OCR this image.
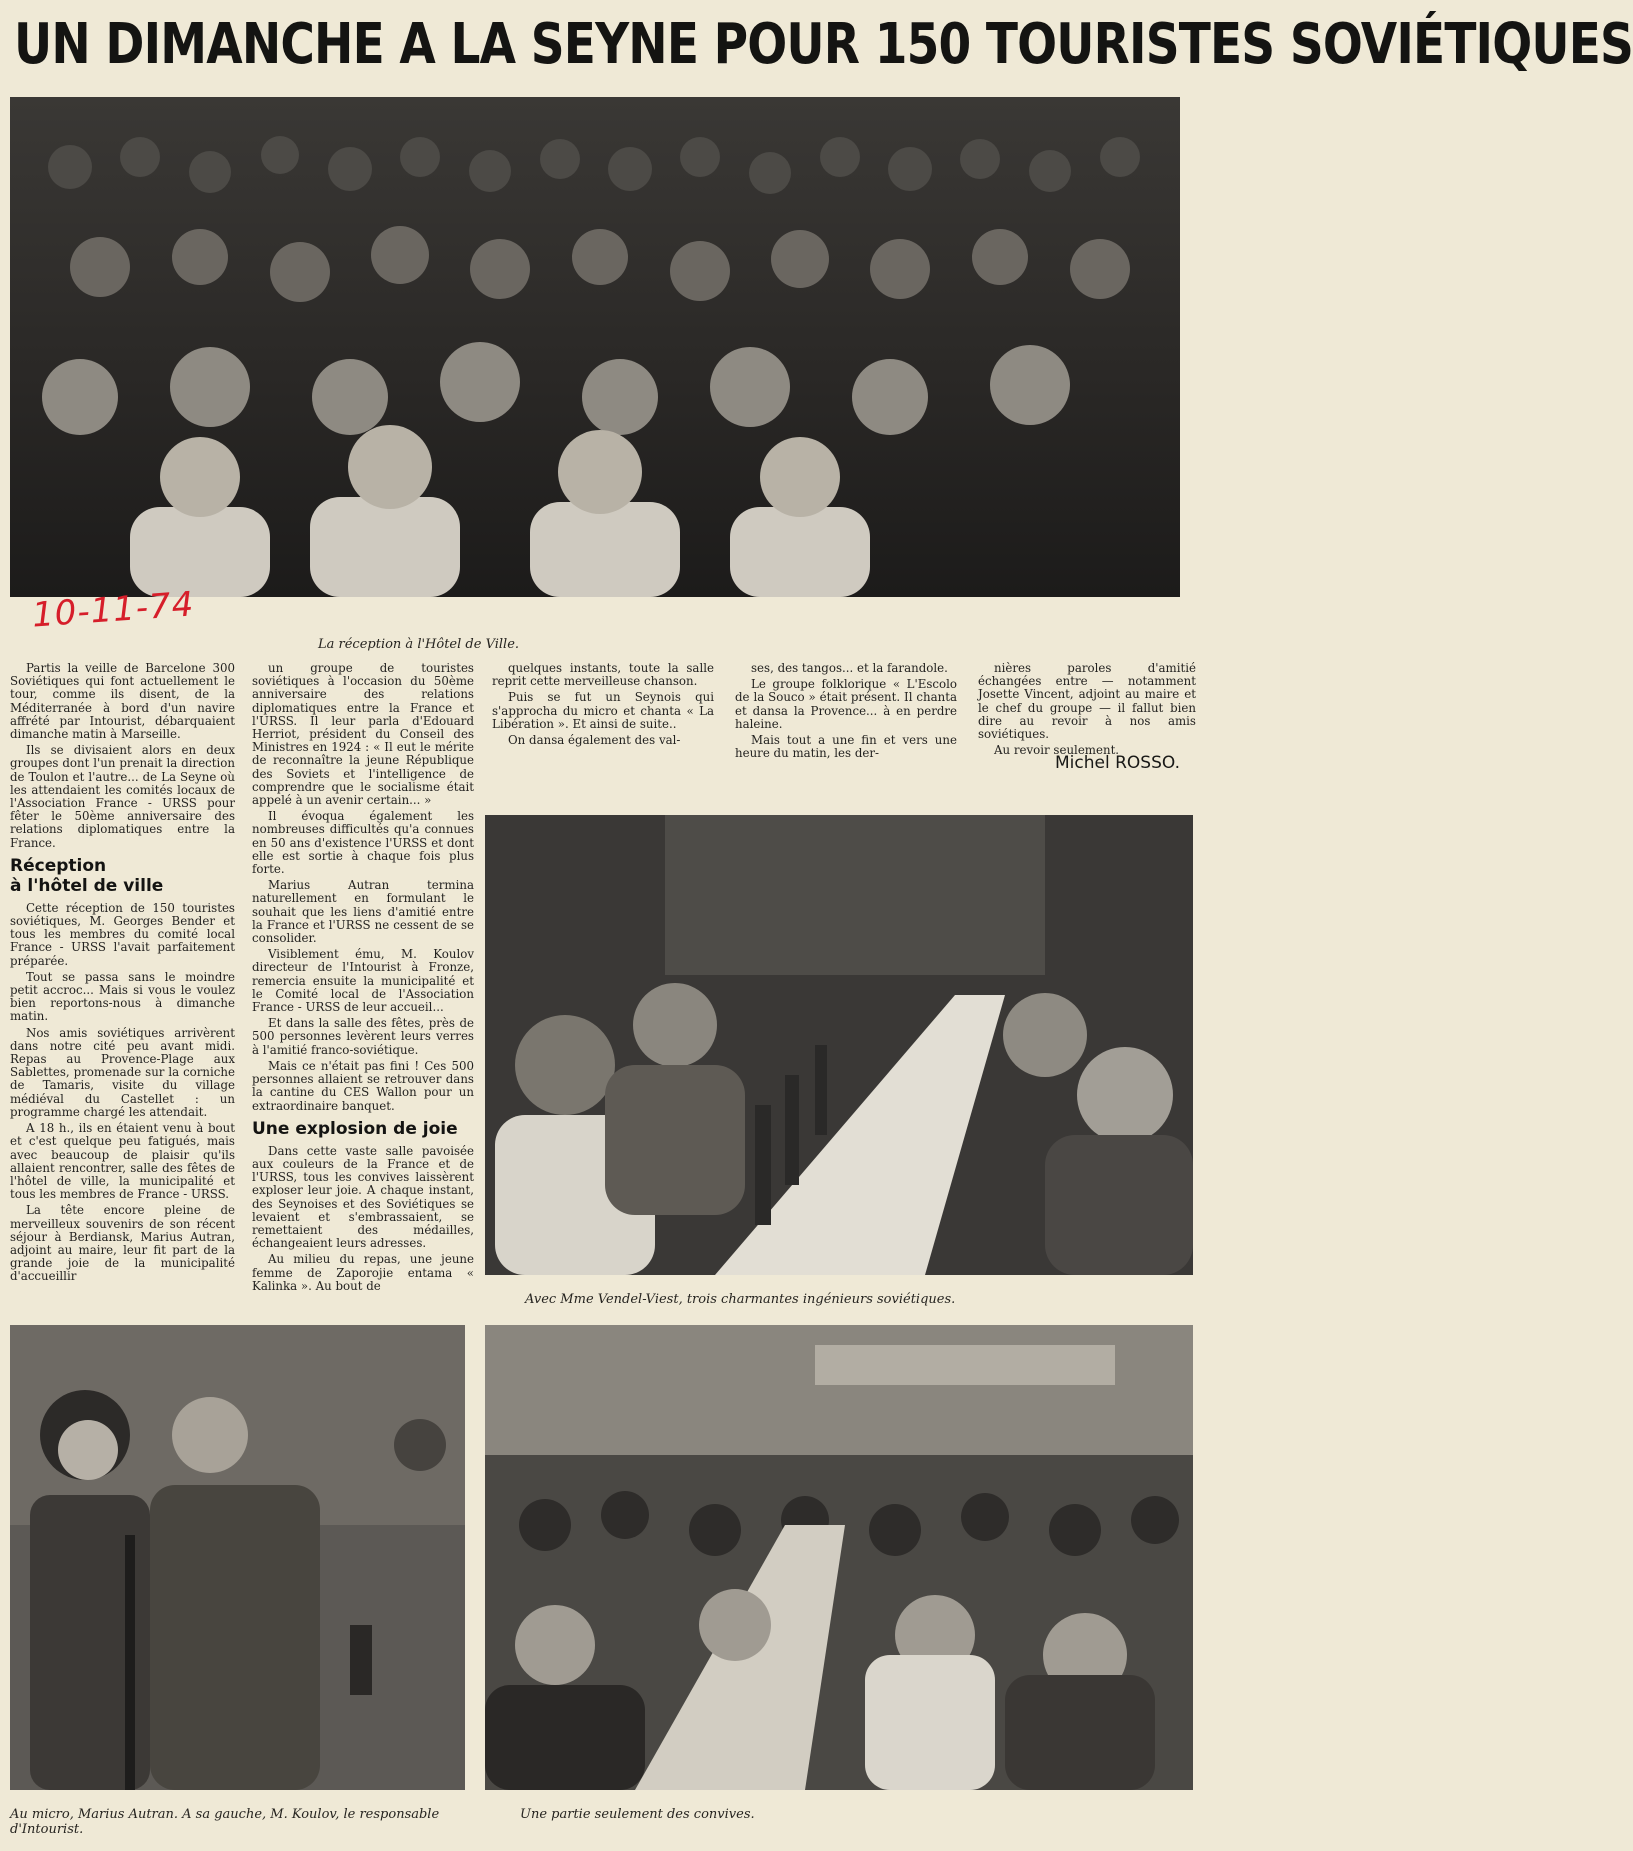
UN DIMANCHE A LA SEYNE POUR 150 TOURISTES SOVIÉTIQUES
10-11-74
La réception à l'Hôtel de Ville.

Partis la veille de Barcelone 300 Soviétiques qui font actuellement le tour, comme ils disent, de la Méditerranée à bord d'un navire affrété par Intourist, débarquaient dimanche matin à Marseille.

Ils se divisaient alors en deux groupes dont l'un prenait la direction de Toulon et l'autre... de La Seyne où les attendaient les comités locaux de l'Association France - URSS pour fêter le 50ème anniversaire des relations diplomatiques entre la France.

Réception
à l'hôtel de ville

Cette réception de 150 touristes soviétiques, M. Georges Bender et tous les membres du comité local France - URSS l'avait parfaitement préparée.

Tout se passa sans le moindre petit accroc... Mais si vous le voulez bien reportons-nous à dimanche matin.

Nos amis soviétiques arrivèrent dans notre cité peu avant midi. Repas au Provence-Plage aux Sablettes, promenade sur la corniche de Tamaris, visite du village médiéval du Castellet : un programme chargé les attendait.

A 18 h., ils en étaient venu à bout et c'est quelque peu fatigués, mais avec beaucoup de plaisir qu'ils allaient rencontrer, salle des fêtes de l'hôtel de ville, la municipalité et tous les membres de France - URSS.

La tête encore pleine de merveilleux souvenirs de son récent séjour à Berdiansk, Marius Autran, adjoint au maire, leur fit part de la grande joie de la municipalité d'accueillir

un groupe de touristes soviétiques à l'occasion du 50ème anniversaire des relations diplomatiques entre la France et l'URSS. Il leur parla d'Edouard Herriot, président du Conseil des Ministres en 1924 : « Il eut le mérite de reconnaître la jeune République des Soviets et l'intelligence de comprendre que le socialisme était appelé à un avenir certain... »

Il évoqua également les nombreuses difficultés qu'a connues en 50 ans d'existence l'URSS et dont elle est sortie à chaque fois plus forte.

Marius Autran termina naturellement en formulant le souhait que les liens d'amitié entre la France et l'URSS ne cessent de se consolider.

Visiblement ému, M. Koulov directeur de l'Intourist à Fronze, remercia ensuite la municipalité et le Comité local de l'Association France - URSS de leur accueil...

Et dans la salle des fêtes, près de 500 personnes levèrent leurs verres à l'amitié franco-soviétique.

Mais ce n'était pas fini ! Ces 500 personnes allaient se retrouver dans la cantine du CES Wallon pour un extraordinaire banquet.

Une explosion de joie

Dans cette vaste salle pavoisée aux couleurs de la France et de l'URSS, tous les convives laissèrent exploser leur joie. A chaque instant, des Seynoises et des Soviétiques se levaient et s'embrassaient, se remettaient des médailles, échangeaient leurs adresses.

Au milieu du repas, une jeune femme de Zaporojie entama « Kalinka ». Au bout de

quelques instants, toute la salle reprit cette merveilleuse chanson.

Puis se fut un Seynois qui s'approcha du micro et chanta « La Libération ». Et ainsi de suite..

On dansa également des val-

ses, des tangos... et la farandole.

Le groupe folklorique « L'Escolo de la Souco » était présent. Il chanta et dansa la Provence... à en perdre haleine.

Mais tout a une fin et vers une heure du matin, les der-

nières paroles d'amitié échangées entre — notamment Josette Vincent, adjoint au maire et le chef du groupe — il fallut bien dire au revoir à nos amis soviétiques.

Au revoir seulement.

Michel ROSSO.
Avec Mme Vendel-Viest, trois charmantes ingénieurs soviétiques.
Au micro, Marius Autran. A sa gauche, M. Koulov, le responsable d'Intourist.
Une partie seulement des convives.
